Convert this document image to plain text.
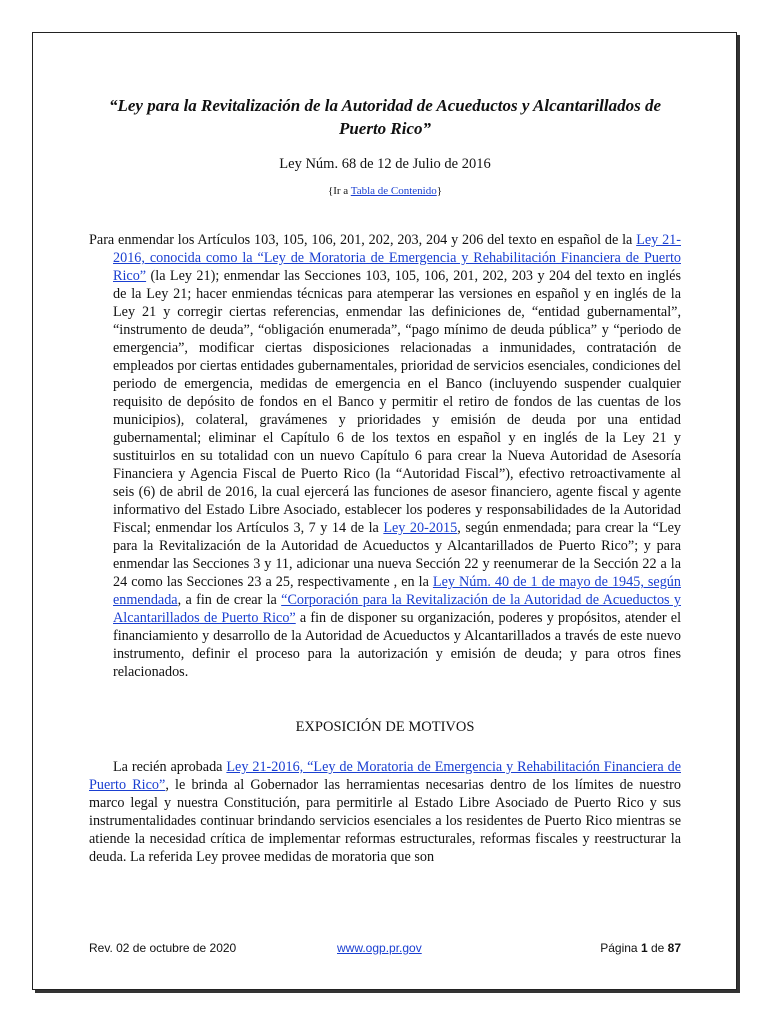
“Ley para la Revitalización de la Autoridad de Acueductos y Alcantarillados de Puerto Rico”

Ley Núm. 68 de 12 de Julio de 2016
{Ir a Tabla de Contenido}
Para enmendar los Artículos 103, 105, 106, 201, 202, 203, 204 y 206 del texto en español de la Ley 21-2016, conocida como la “Ley de Moratoria de Emergencia y Rehabilitación Financiera de Puerto Rico” (la Ley 21); enmendar las Secciones 103, 105, 106, 201, 202, 203 y 204 del texto en inglés de la Ley 21; hacer enmiendas técnicas para atemperar las versiones en español y en inglés de la Ley 21 y corregir ciertas referencias, enmendar las definiciones de, “entidad gubernamental”, “instrumento de deuda”, “obligación enumerada”, “pago mínimo de deuda pública” y “periodo de emergencia”, modificar ciertas disposiciones relacionadas a inmunidades, contratación de empleados por ciertas entidades gubernamentales, prioridad de servicios esenciales, condiciones del periodo de emergencia, medidas de emergencia en el Banco (incluyendo suspender cualquier requisito de depósito de fondos en el Banco y permitir el retiro de fondos de las cuentas de los municipios), colateral, gravámenes y prioridades y emisión de deuda por una entidad gubernamental; eliminar el Capítulo 6 de los textos en español y en inglés de la Ley 21 y sustituirlos en su totalidad con un nuevo Capítulo 6 para crear la Nueva Autoridad de Asesoría Financiera y Agencia Fiscal de Puerto Rico (la “Autoridad Fiscal”), efectivo retroactivamente al seis (6) de abril de 2016, la cual ejercerá las funciones de asesor financiero, agente fiscal y agente informativo del Estado Libre Asociado, establecer los poderes y responsabilidades de la Autoridad Fiscal; enmendar los Artículos 3, 7 y 14 de la Ley 20-2015, según enmendada; para crear la “Ley para la Revitalización de la Autoridad de Acueductos y Alcantarillados de Puerto Rico”; y para enmendar las Secciones 3 y 11, adicionar una nueva Sección 22 y reenumerar de la Sección 22 a la 24 como las Secciones 23 a 25, respectivamente , en la Ley Núm. 40 de 1 de mayo de 1945, según enmendada, a fin de crear la “Corporación para la Revitalización de la Autoridad de Acueductos y Alcantarillados de Puerto Rico” a fin de disponer su organización, poderes y propósitos, atender el financiamiento y desarrollo de la Autoridad de Acueductos y Alcantarillados a través de este nuevo instrumento, definir el proceso para la autorización y emisión de deuda; y para otros fines relacionados.
EXPOSICIÓN DE MOTIVOS
La recién aprobada Ley 21-2016, “Ley de Moratoria de Emergencia y Rehabilitación Financiera de Puerto Rico”, le brinda al Gobernador las herramientas necesarias dentro de los límites de nuestro marco legal y nuestra Constitución, para permitirle al Estado Libre Asociado de Puerto Rico y sus instrumentalidades continuar brindando servicios esenciales a los residentes de Puerto Rico mientras se atiende la necesidad crítica de implementar reformas estructurales, reformas fiscales y reestructurar la deuda. La referida Ley provee medidas de moratoria que son
Rev. 02 de octubre de 2020	www.ogp.pr.gov	Página 1 de 87
